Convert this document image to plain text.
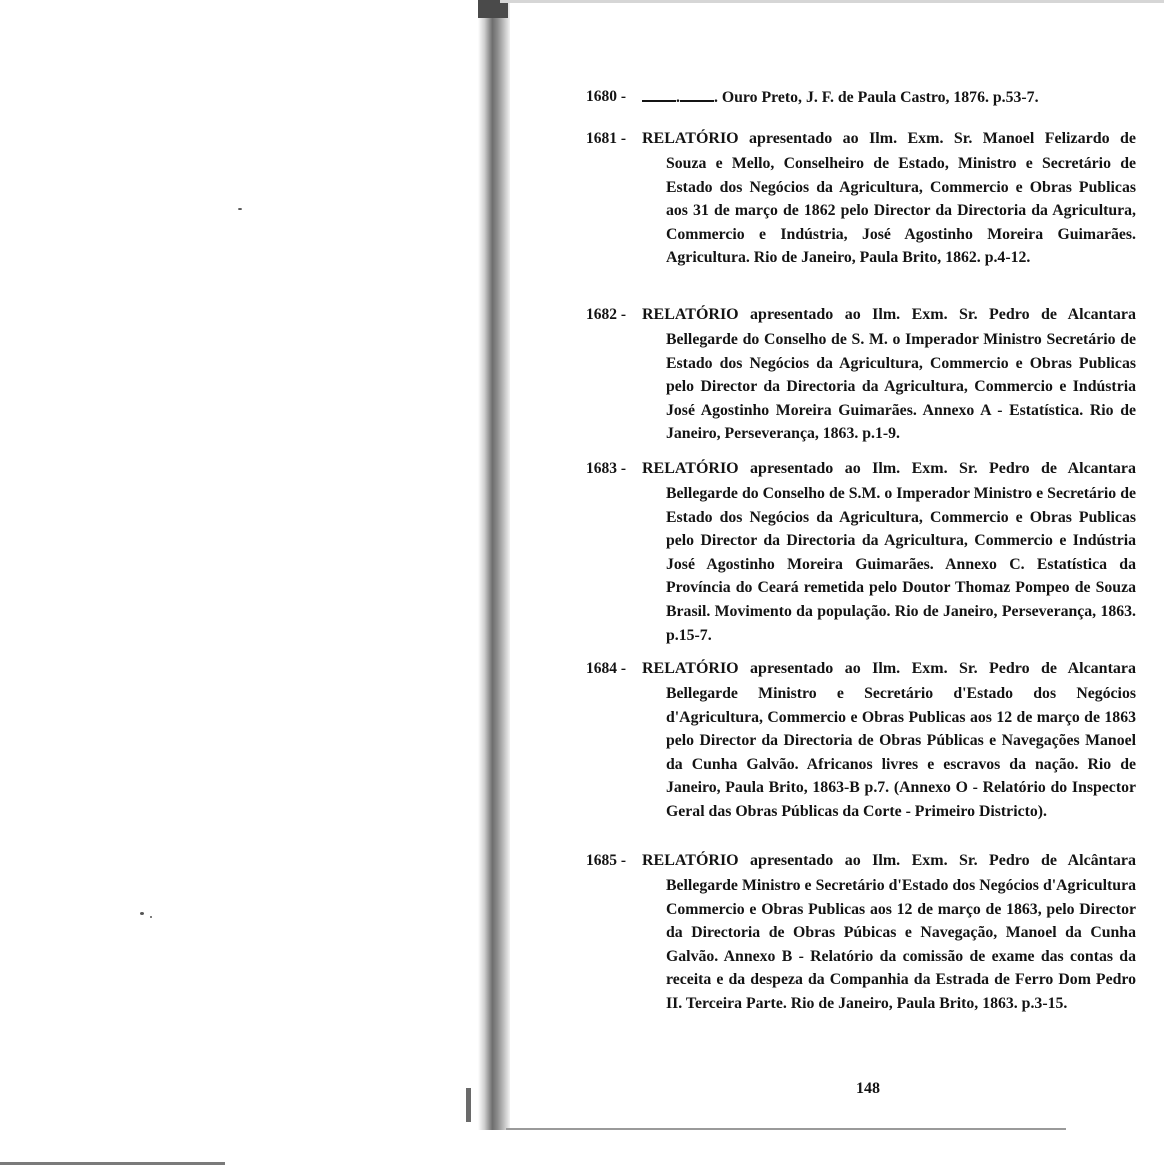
1680 -	. . Ouro Preto, J. F. de Paula Castro, 1876. p.53-7.
1681 - RELATÓRIO apresentado ao Ilm. Exm. Sr. Manoel Felizardo de
Souza e Mello, Conselheiro de Estado, Ministro e Secretário de Estado dos Negócios da Agricultura, Commercio e Obras Publicas aos 31 de março de 1862 pelo Director da Directoria da Agricultura, Commercio e Indústria, José Agostinho Moreira Guimarães. Agricultura. Rio de Janeiro, Paula Brito, 1862. p.4-12.
1682 - RELATÓRIO apresentado ao Ilm. Exm. Sr. Pedro de Alcantara
Bellegarde do Conselho de S. M. o Imperador Ministro Secretário de Estado dos Negócios da Agricultura, Commercio e Obras Publicas pelo Director da Directoria da Agricultura, Commercio e Indústria José Agostinho Moreira Guimarães. Annexo A - Estatística. Rio de Janeiro, Perseverança, 1863. p.1-9.
1683 - RELATÓRIO apresentado ao Ilm. Exm. Sr. Pedro de Alcantara
Bellegarde do Conselho de S.M. o Imperador Ministro e Secretário de Estado dos Negócios da Agricultura, Commercio e Obras Publicas pelo Director da Directoria da Agricultura, Commercio e Indústria José Agostinho Moreira Guimarães. Annexo C. Estatística da Província do Ceará remetida pelo Doutor Thomaz Pompeo de Souza Brasil. Movimento da população. Rio de Janeiro, Perseverança, 1863. p.15-7.
1684 - RELATÓRIO apresentado ao Ilm. Exm. Sr. Pedro de Alcantara
Bellegarde Ministro e Secretário d'Estado dos Negócios d'Agricultura, Commercio e Obras Publicas aos 12 de março de 1863 pelo Director da Directoria de Obras Públicas e Navegações Manoel da Cunha Galvão. Africanos livres e escravos da nação. Rio de Janeiro, Paula Brito, 1863-B p.7. (Annexo O - Relatório do Inspector Geral das Obras Públicas da Corte - Primeiro Districto).
1685 - RELATÓRIO apresentado ao Ilm. Exm. Sr. Pedro de Alcântara
Bellegarde Ministro e Secretário d'Estado dos Negócios d'Agricultura Commercio e Obras Publicas aos 12 de março de 1863, pelo Director da Directoria de Obras Púbicas e Navegação, Manoel da Cunha Galvão. Annexo B - Relatório da comissão de exame das contas da receita e da despeza da Companhia da Estrada de Ferro Dom Pedro II. Terceira Parte. Rio de Janeiro, Paula Brito, 1863. p.3-15.
148
